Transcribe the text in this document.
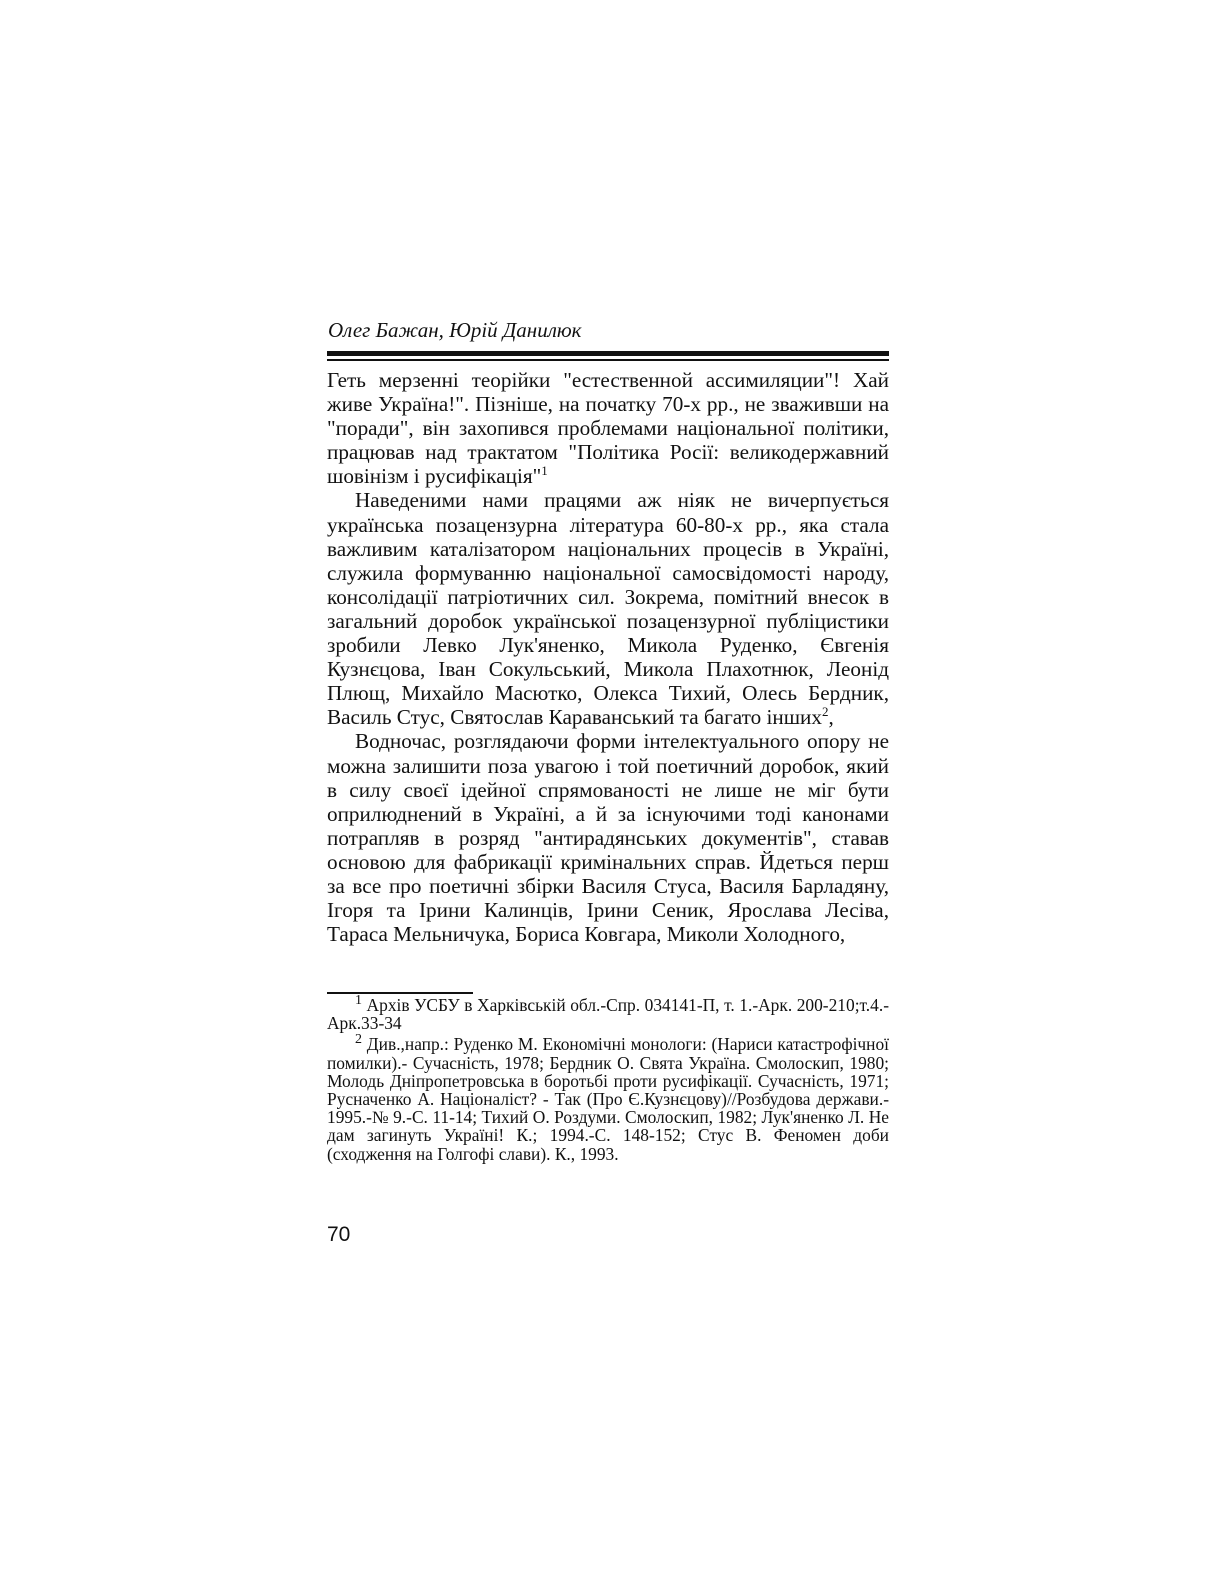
Олег Бажан, Юрій Данилюк

Геть мерзенні теорійки "естественной ассимиляции"! Хай живе Україна!". Пізніше, на початку 70-х рр., не зваживши на "поради", він захопився проблемами національної політики, працював над трактатом "Політика Росії: великодержавний шовінізм і русифікація"$^1$

Наведеними нами працями аж ніяк не вичерпується українська позацензурна література 60-80-х рр., яка стала важливим каталізатором національних процесів в Україні, служила формуванню національної самосвідомості народу, консолідації патріотичних сил. Зокрема, помітний внесок в загальний доробок української позацензурної публіцистики зробили Левко Лук'яненко, Микола Руденко, Євгенія Кузнєцова, Іван Сокульський, Микола Плахотнюк, Леонід Плющ, Михайло Масютко, Олекса Тихий, Олесь Бердник, Василь Стус, Святослав Караванський та багато інших$^2$,

Водночас, розглядаючи форми інтелектуального опору не можна залишити поза увагою і той поетичний доробок, який в силу своєї ідейної спрямованості не лише не міг бути оприлюднений в Україні, а й за існуючими тоді канонами потрапляв в розряд "антирадянських документів", ставав основою для фабрикації кримінальних справ. Йдеться перш за все про поетичні збірки Василя Стуса, Василя Барладяну, Ігоря та Ірини Калинців, Ірини Сеник, Ярослава Лесіва, Тараса Мельничука, Бориса Ковгара, Миколи Холодного,

$^1$ Архів УСБУ в Харківській обл.-Спр. 034141-П, т. 1.-Арк. 200-210;т.4.-Арк.33-34

$^2$ Див.,напр.: Руденко М. Економічні монологи: (Нариси катастрофічної помилки).- Сучасність, 1978; Бердник О. Свята Україна. Смолоскип, 1980; Молодь Дніпропетровська в боротьбі проти русифікації. Сучасність, 1971; Русначенко А. Націоналіст? - Так (Про Є.Кузнєцову)//Розбудова держави.- 1995.-№ 9.-С. 11-14; Тихий О. Роздуми. Смолоскип, 1982; Лук'яненко Л. Не дам загинуть Україні! К.; 1994.-С. 148-152; Стус В. Феномен доби (сходження на Голгофі слави). К., 1993.

70
